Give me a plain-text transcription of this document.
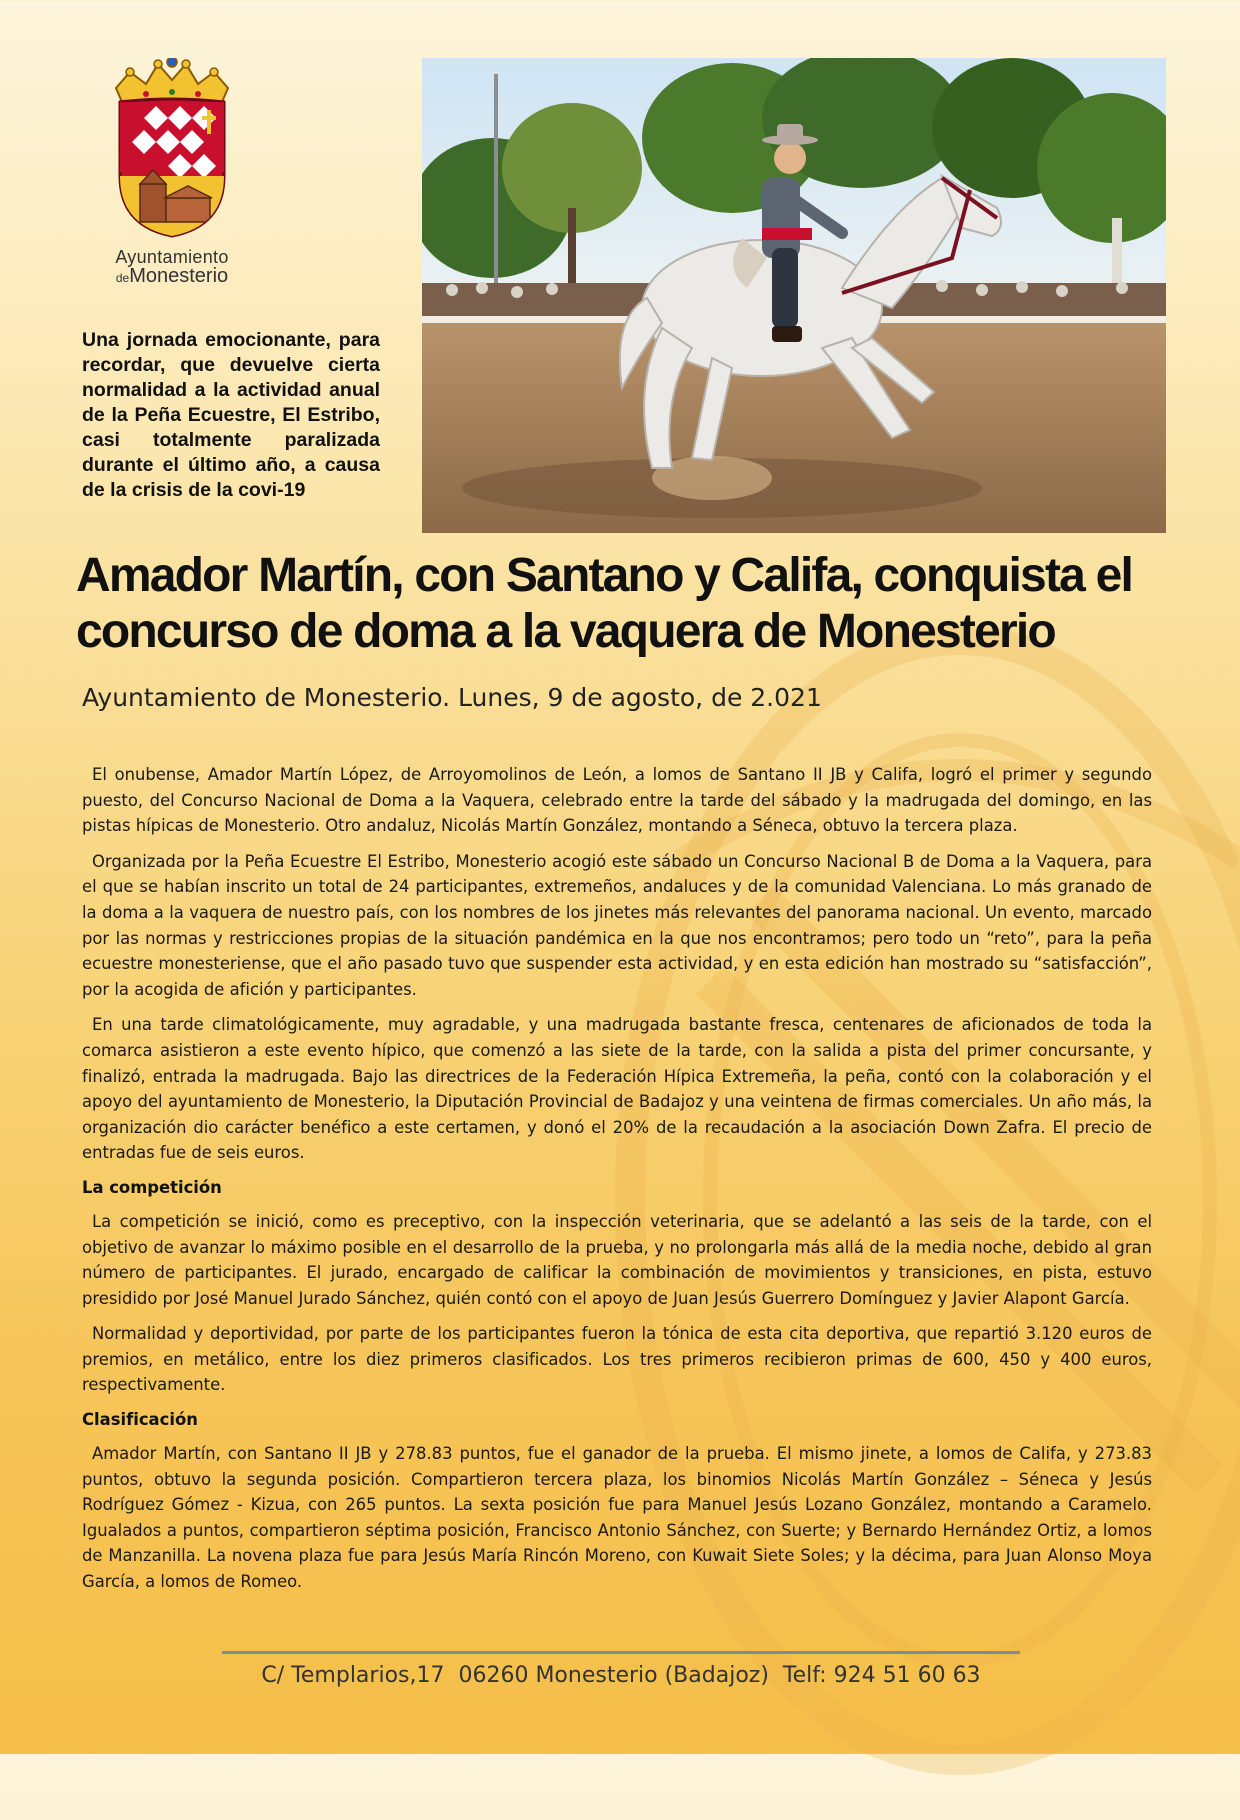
Ayuntamiento
deMonesterio

Una jornada emocionante, para recordar, que devuelve cierta normalidad a la actividad anual de la Peña Ecuestre, El Estribo, casi totalmente paralizada durante el último año, a causa de la crisis de la covi-19

Amador Martín, con Santano y Califa, conquista el concurso de doma a la vaquera de Monesterio
Ayuntamiento de Monesterio. Lunes, 9 de agosto, de 2.021

El onubense, Amador Martín López, de Arroyomolinos de León, a lomos de Santano II JB y Califa, logró el primer y segundo puesto, del Concurso Nacional de Doma a la Vaquera, celebrado entre la tarde del sábado y la madrugada del domingo, en las pistas hípicas de Monesterio. Otro andaluz, Nicolás Martín González, montando a Séneca, obtuvo la tercera plaza.

Organizada por la Peña Ecuestre El Estribo, Monesterio acogió este sábado un Concurso Nacional B de Doma a la Vaquera, para el que se habían inscrito un total de 24 participantes, extremeños, andaluces y de la comunidad Valenciana. Lo más granado de la doma a la vaquera de nuestro país, con los nombres de los jinetes más relevantes del panorama nacional. Un evento, marcado por las normas y restricciones propias de la situación pandémica en la que nos encontramos; pero todo un “reto”, para la peña ecuestre monesteriense, que el año pasado tuvo que suspender esta actividad, y en esta edición han mostrado su “satisfacción”, por la acogida de afición y participantes.

En una tarde climatológicamente, muy agradable, y una madrugada bastante fresca, centenares de aficionados de toda la comarca asistieron a este evento hípico, que comenzó a las siete de la tarde, con la salida a pista del primer concursante, y finalizó, entrada la madrugada. Bajo las directrices de la Federación Hípica Extremeña, la peña, contó con la colaboración y el apoyo del ayuntamiento de Monesterio, la Diputación Provincial de Badajoz y una veintena de firmas comerciales. Un año más, la organización dio carácter benéfico a este certamen, y donó el 20% de la recaudación a la asociación Down Zafra. El precio de entradas fue de seis euros.

La competición

La competición se inició, como es preceptivo, con la inspección veterinaria, que se adelantó a las seis de la tarde, con el objetivo de avanzar lo máximo posible en el desarrollo de la prueba, y no prolongarla más allá de la media noche, debido al gran número de participantes. El jurado, encargado de calificar la combinación de movimientos y transiciones, en pista, estuvo presidido por José Manuel Jurado Sánchez, quién contó con el apoyo de Juan Jesús Guerrero Domínguez y Javier Alapont García.

Normalidad y deportividad, por parte de los participantes fueron la tónica de esta cita deportiva, que repartió 3.120 euros de premios, en metálico, entre los diez primeros clasificados. Los tres primeros recibieron primas de 600, 450 y 400 euros, respectivamente.

Clasificación

Amador Martín, con Santano II JB y 278.83 puntos, fue el ganador de la prueba. El mismo jinete, a lomos de Califa, y 273.83 puntos, obtuvo la segunda posición. Compartieron tercera plaza, los binomios Nicolás Martín González – Séneca y Jesús Rodríguez Gómez - Kizua, con 265 puntos. La sexta posición fue para Manuel Jesús Lozano González, montando a Caramelo. Igualados a puntos, compartieron séptima posición, Francisco Antonio Sánchez, con Suerte; y Bernardo Hernández Ortiz, a lomos de Manzanilla. La novena plaza fue para Jesús María Rincón Moreno, con Kuwait Siete Soles; y la décima, para Juan Alonso Moya García, a lomos de Romeo.

C/ Templarios,17  06260 Monesterio (Badajoz)  Telf: 924 51 60 63
